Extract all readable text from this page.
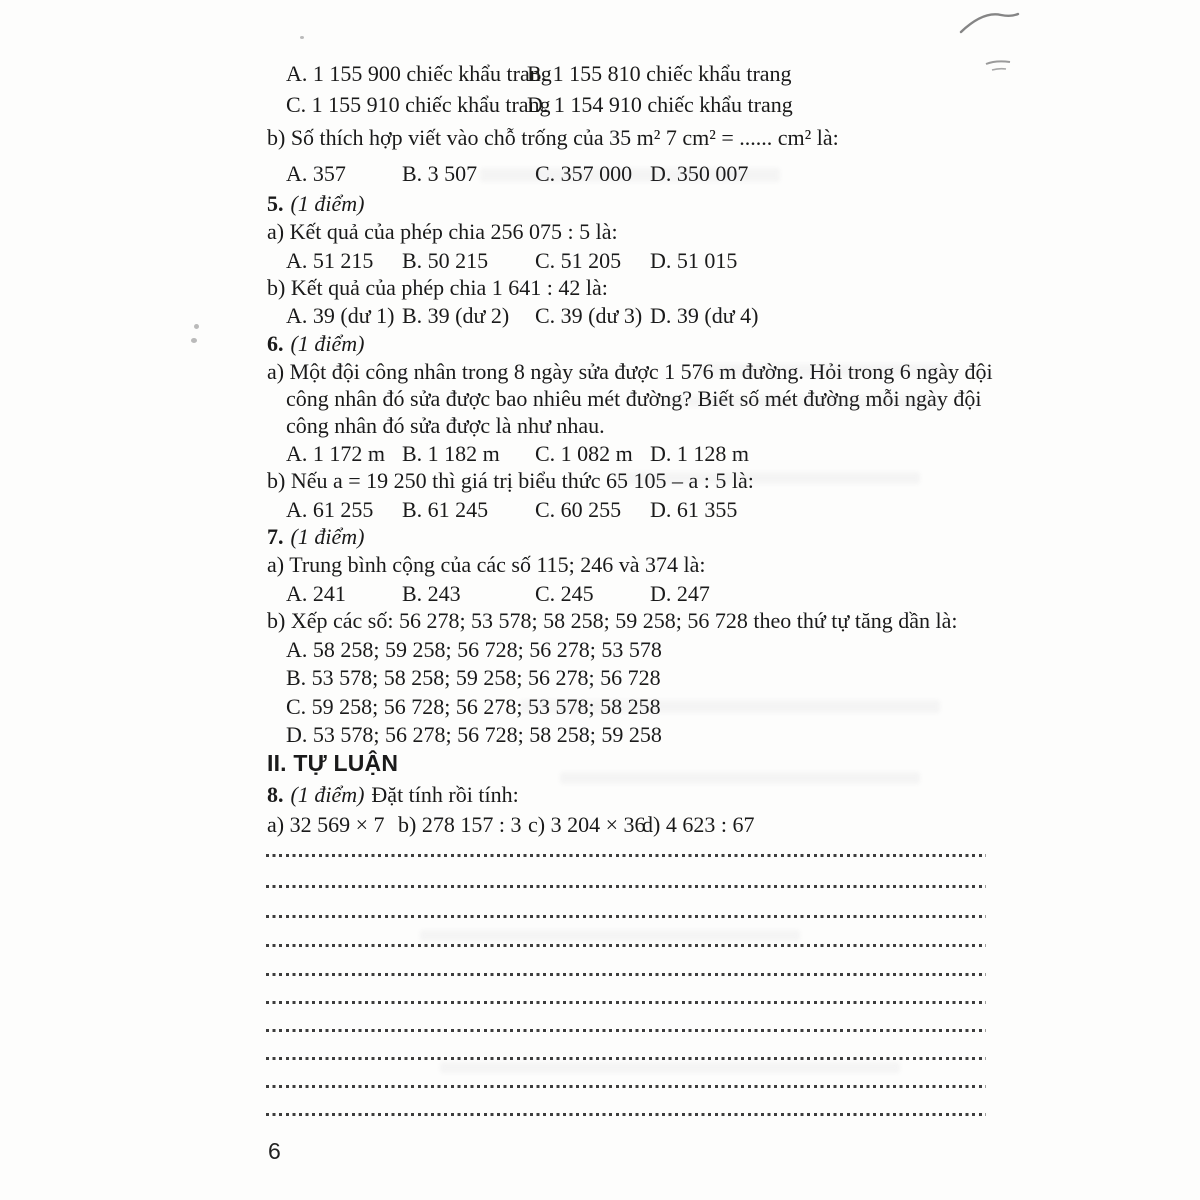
A. 1 155 900 chiếc khẩu trang
B. 1 155 810 chiếc khẩu trang
C. 1 155 910 chiếc khẩu trang
D. 1 154 910 chiếc khẩu trang
b) Số thích hợp viết vào chỗ trống của 35 m² 7 cm² = ...... cm² là:
A. 357	B. 3 507	C. 357 000 D. 350 007
5. (1 điểm)
a) Kết quả của phép chia 256 075 : 5 là:
A. 51 215 B. 50 215 C. 51 205 D. 51 015
b) Kết quả của phép chia 1 641 : 42 là:
A. 39 (dư 1) B. 39 (dư 2) C. 39 (dư 3) D. 39 (dư 4)
6. (1 điểm)
a) Một đội công nhân trong 8 ngày sửa được 1 576 m đường. Hỏi trong 6 ngày đội
công nhân đó sửa được bao nhiêu mét đường? Biết số mét đường mỗi ngày đội
công nhân đó sửa được là như nhau.
A. 1 172 m B. 1 182 m C. 1 082 m D. 1 128 m
b) Nếu a = 19 250 thì giá trị biểu thức 65 105 – a : 5 là:
A. 61 255 B. 61 245 C. 60 255 D. 61 355
7. (1 điểm)
a) Trung bình cộng của các số 115; 246 và 374 là:
A. 241	B. 243	C. 245	D. 247
b) Xếp các số: 56 278; 53 578; 58 258; 59 258; 56 728 theo thứ tự tăng dần là:
A. 58 258; 59 258; 56 728; 56 278; 53 578
B. 53 578; 58 258; 59 258; 56 278; 56 728
C. 59 258; 56 728; 56 278; 53 578; 58 258
D. 53 578; 56 278; 56 728; 58 258; 59 258
II. TỰ LUẬN
8. (1 điểm) Đặt tính rồi tính:
a) 32 569 × 7 b) 278 157 : 3 c) 3 204 × 36
d) 4 623 : 67
6
